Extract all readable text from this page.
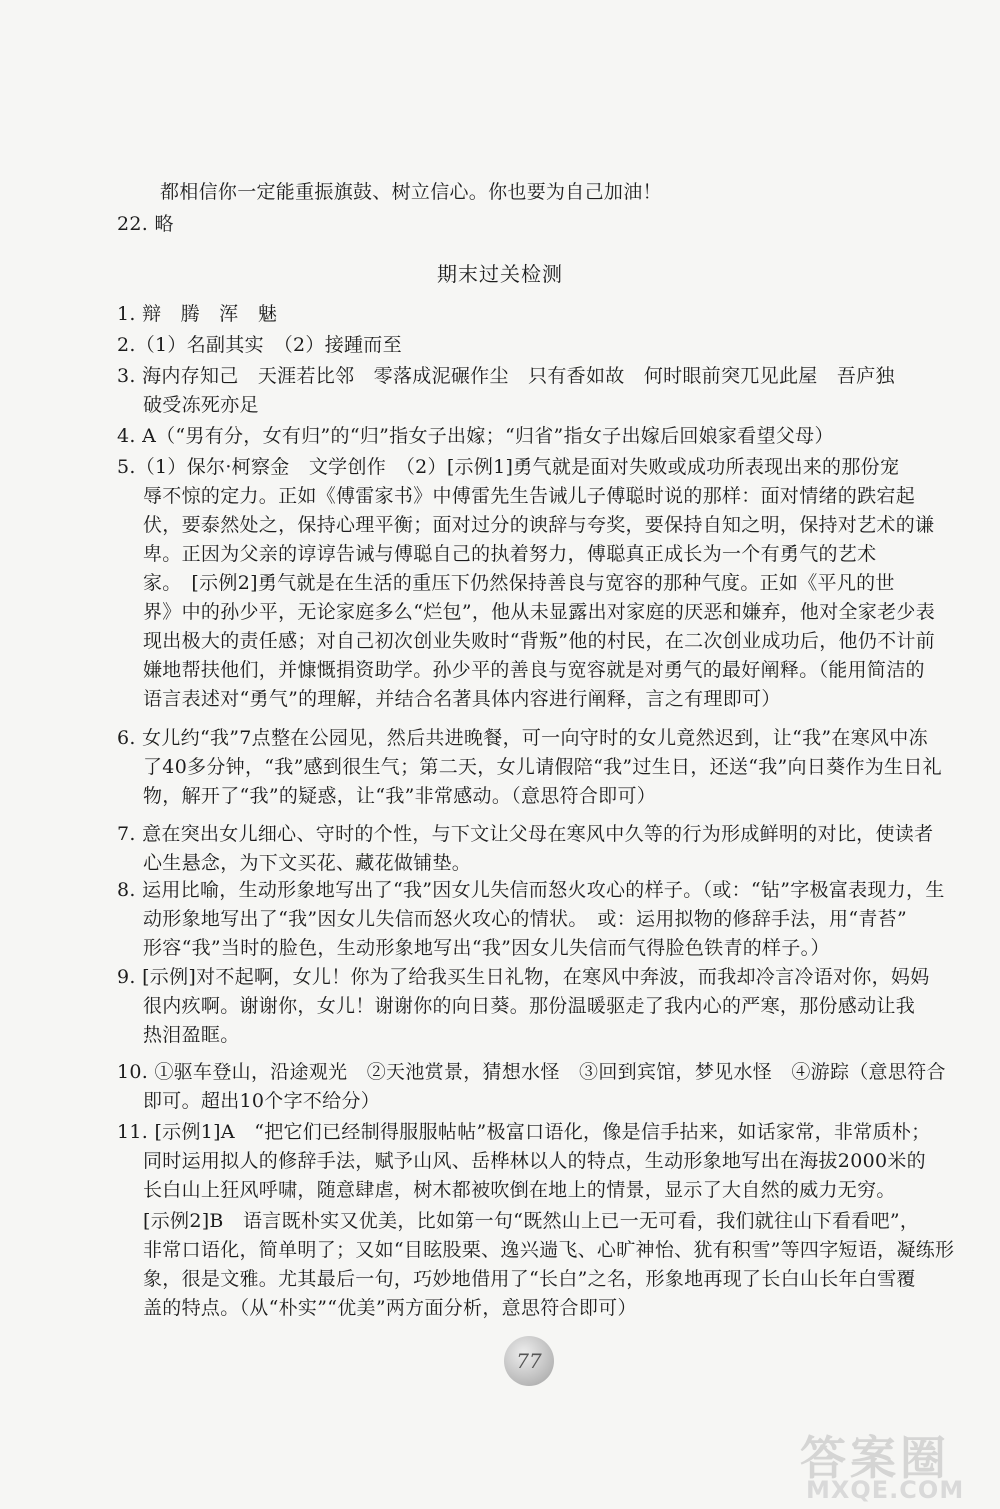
都相信你一定能重振旗鼓、树立信心。你也要为自己加油！
22. 略
期末过关检测
1. 辩　腾　浑　魅
2.（1）名副其实　（2）接踵而至
3. 海内存知己　天涯若比邻　零落成泥碾作尘　只有香如故　何时眼前突兀见此屋　吾庐独
破受冻死亦足
4. A（“男有分，女有归”的“归”指女子出嫁；“归省”指女子出嫁后回娘家看望父母）
5.（1）保尔·柯察金　文学创作　（2）[示例1]勇气就是面对失败或成功所表现出来的那份宠
辱不惊的定力。正如《傅雷家书》中傅雷先生告诫儿子傅聪时说的那样：面对情绪的跌宕起
伏，要泰然处之，保持心理平衡；面对过分的谀辞与夸奖，要保持自知之明，保持对艺术的谦
卑。正因为父亲的谆谆告诫与傅聪自己的执着努力，傅聪真正成长为一个有勇气的艺术
家。　[示例2]勇气就是在生活的重压下仍然保持善良与宽容的那种气度。正如《平凡的世
界》中的孙少平，无论家庭多么“烂包”，他从未显露出对家庭的厌恶和嫌弃，他对全家老少表
现出极大的责任感；对自己初次创业失败时“背叛”他的村民，在二次创业成功后，他仍不计前
嫌地帮扶他们，并慷慨捐资助学。孙少平的善良与宽容就是对勇气的最好阐释。（能用简洁的
语言表述对“勇气”的理解，并结合名著具体内容进行阐释，言之有理即可）
6. 女儿约“我”7点整在公园见，然后共进晚餐，可一向守时的女儿竟然迟到，让“我”在寒风中冻
了40多分钟，“我”感到很生气；第二天，女儿请假陪“我”过生日，还送“我”向日葵作为生日礼
物，解开了“我”的疑惑，让“我”非常感动。（意思符合即可）
7. 意在突出女儿细心、守时的个性，与下文让父母在寒风中久等的行为形成鲜明的对比，使读者
心生悬念，为下文买花、藏花做铺垫。
8. 运用比喻，生动形象地写出了“我”因女儿失信而怒火攻心的样子。（或：“钻”字极富表现力，生
动形象地写出了“我”因女儿失信而怒火攻心的情状。　或：运用拟物的修辞手法，用“青苔”
形容“我”当时的脸色，生动形象地写出“我”因女儿失信而气得脸色铁青的样子。）
9. [示例]对不起啊，女儿！你为了给我买生日礼物，在寒风中奔波，而我却冷言冷语对你，妈妈
很内疚啊。谢谢你，女儿！谢谢你的向日葵。那份温暖驱走了我内心的严寒，那份感动让我
热泪盈眶。
10. ①驱车登山，沿途观光　②天池赏景，猜想水怪　③回到宾馆，梦见水怪　④游踪（意思符合
即可。超出10个字不给分）
11. [示例1]A　“把它们已经制得服服帖帖”极富口语化，像是信手拈来，如话家常，非常质朴；
同时运用拟人的修辞手法，赋予山风、岳桦林以人的特点，生动形象地写出在海拔2000米的
长白山上狂风呼啸，随意肆虐，树木都被吹倒在地上的情景，显示了大自然的威力无穷。
[示例2]B　语言既朴实又优美，比如第一句“既然山上已一无可看，我们就往山下看看吧”，
非常口语化，简单明了；又如“目眩股栗、逸兴遄飞、心旷神怡、犹有积雪”等四字短语，凝练形
象，很是文雅。尤其最后一句，巧妙地借用了“长白”之名，形象地再现了长白山长年白雪覆
盖的特点。（从“朴实”“优美”两方面分析，意思符合即可）
77
答案圈
MXQE.COM
